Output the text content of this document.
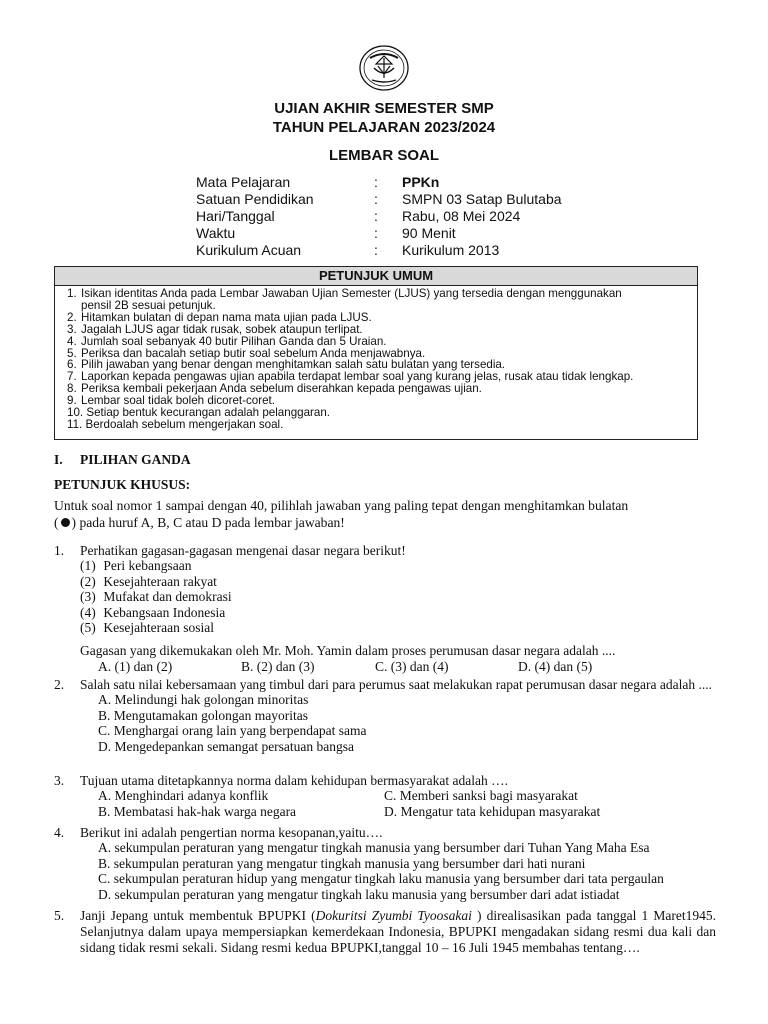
UJIAN AKHIR SEMESTER SMP
TAHUN PELAJARAN 2023/2024
LEMBAR SOAL
Mata Pelajaran	: PPKn
Satuan Pendidikan	: SMPN 03 Satap Bulutaba
Hari/Tanggal	: Rabu, 08 Mei 2024
Waktu	: 90 Menit
Kurikulum Acuan	: Kurikulum 2013
PETUNJUK UMUM
1. Isikan identitas Anda pada Lembar Jawaban Ujian Semester (LJUS) yang tersedia dengan menggunakan
pensil 2B sesuai petunjuk.
2. Hitamkan bulatan di depan nama mata ujian pada LJUS.
3. Jagalah LJUS agar tidak rusak, sobek ataupun terlipat.
4. Jumlah soal sebanyak 40 butir Pilihan Ganda dan 5 Uraian.
5. Periksa dan bacalah setiap butir soal sebelum Anda menjawabnya.
6. Pilih jawaban yang benar dengan menghitamkan salah satu bulatan yang tersedia.
7. Laporkan kepada pengawas ujian apabila terdapat lembar soal yang kurang jelas, rusak atau tidak lengkap.
8. Periksa kembali pekerjaan Anda sebelum diserahkan kepada pengawas ujian.
9. Lembar soal tidak boleh dicoret-coret.
10. Setiap bentuk kecurangan adalah pelanggaran.
11. Berdoalah sebelum mengerjakan soal.
I. PILIHAN GANDA
PETUNJUK KHUSUS:
Untuk soal nomor 1 sampai dengan 40, pilihlah jawaban yang paling tepat dengan menghitamkan bulatan
( ) pada huruf A, B, C atau D pada lembar jawaban!
1. Perhatikan gagasan-gagasan mengenai dasar negara berikut!
(1) Peri kebangsaan
(2) Kesejahteraan rakyat
(3) Mufakat dan demokrasi
(4) Kebangsaan Indonesia
(5) Kesejahteraan sosial
Gagasan yang dikemukakan oleh Mr. Moh. Yamin dalam proses perumusan dasar negara adalah ....
A. (1) dan (2)	B. (2) dan (3)	C. (3) dan (4)	D. (4) dan (5)
2. Salah satu nilai kebersamaan yang timbul dari para perumus saat melakukan rapat perumusan dasar negara adalah ....
A. Melindungi hak golongan minoritas
B. Mengutamakan golongan mayoritas
C. Menghargai orang lain yang berpendapat sama
D. Mengedepankan semangat persatuan bangsa
3. Tujuan utama ditetapkannya norma dalam kehidupan bermasyarakat adalah ….
A. Menghindari adanya konflik	C. Memberi sanksi bagi masyarakat
B. Membatasi hak-hak warga negara	D. Mengatur tata kehidupan masyarakat
4. Berikut ini adalah pengertian norma kesopanan,yaitu….
A. sekumpulan peraturan yang mengatur tingkah manusia yang bersumber dari Tuhan Yang Maha Esa
B. sekumpulan peraturan yang mengatur tingkah manusia yang bersumber dari hati nurani
C. sekumpulan peraturan hidup yang mengatur tingkah laku manusia yang bersumber dari tata pergaulan
D. sekumpulan peraturan yang mengatur tingkah laku manusia yang bersumber dari adat istiadat
5. Janji Jepang untuk membentuk BPUPKI (Dokuritsi Zyumbi Tyoosakai ) direalisasikan pada tanggal 1 Maret1945. Selanjutnya dalam upaya mempersiapkan kemerdekaan Indonesia, BPUPKI mengadakan sidang resmi dua kali dan sidang tidak resmi sekali. Sidang resmi kedua BPUPKI,tanggal 10 – 16 Juli 1945 membahas tentang….
